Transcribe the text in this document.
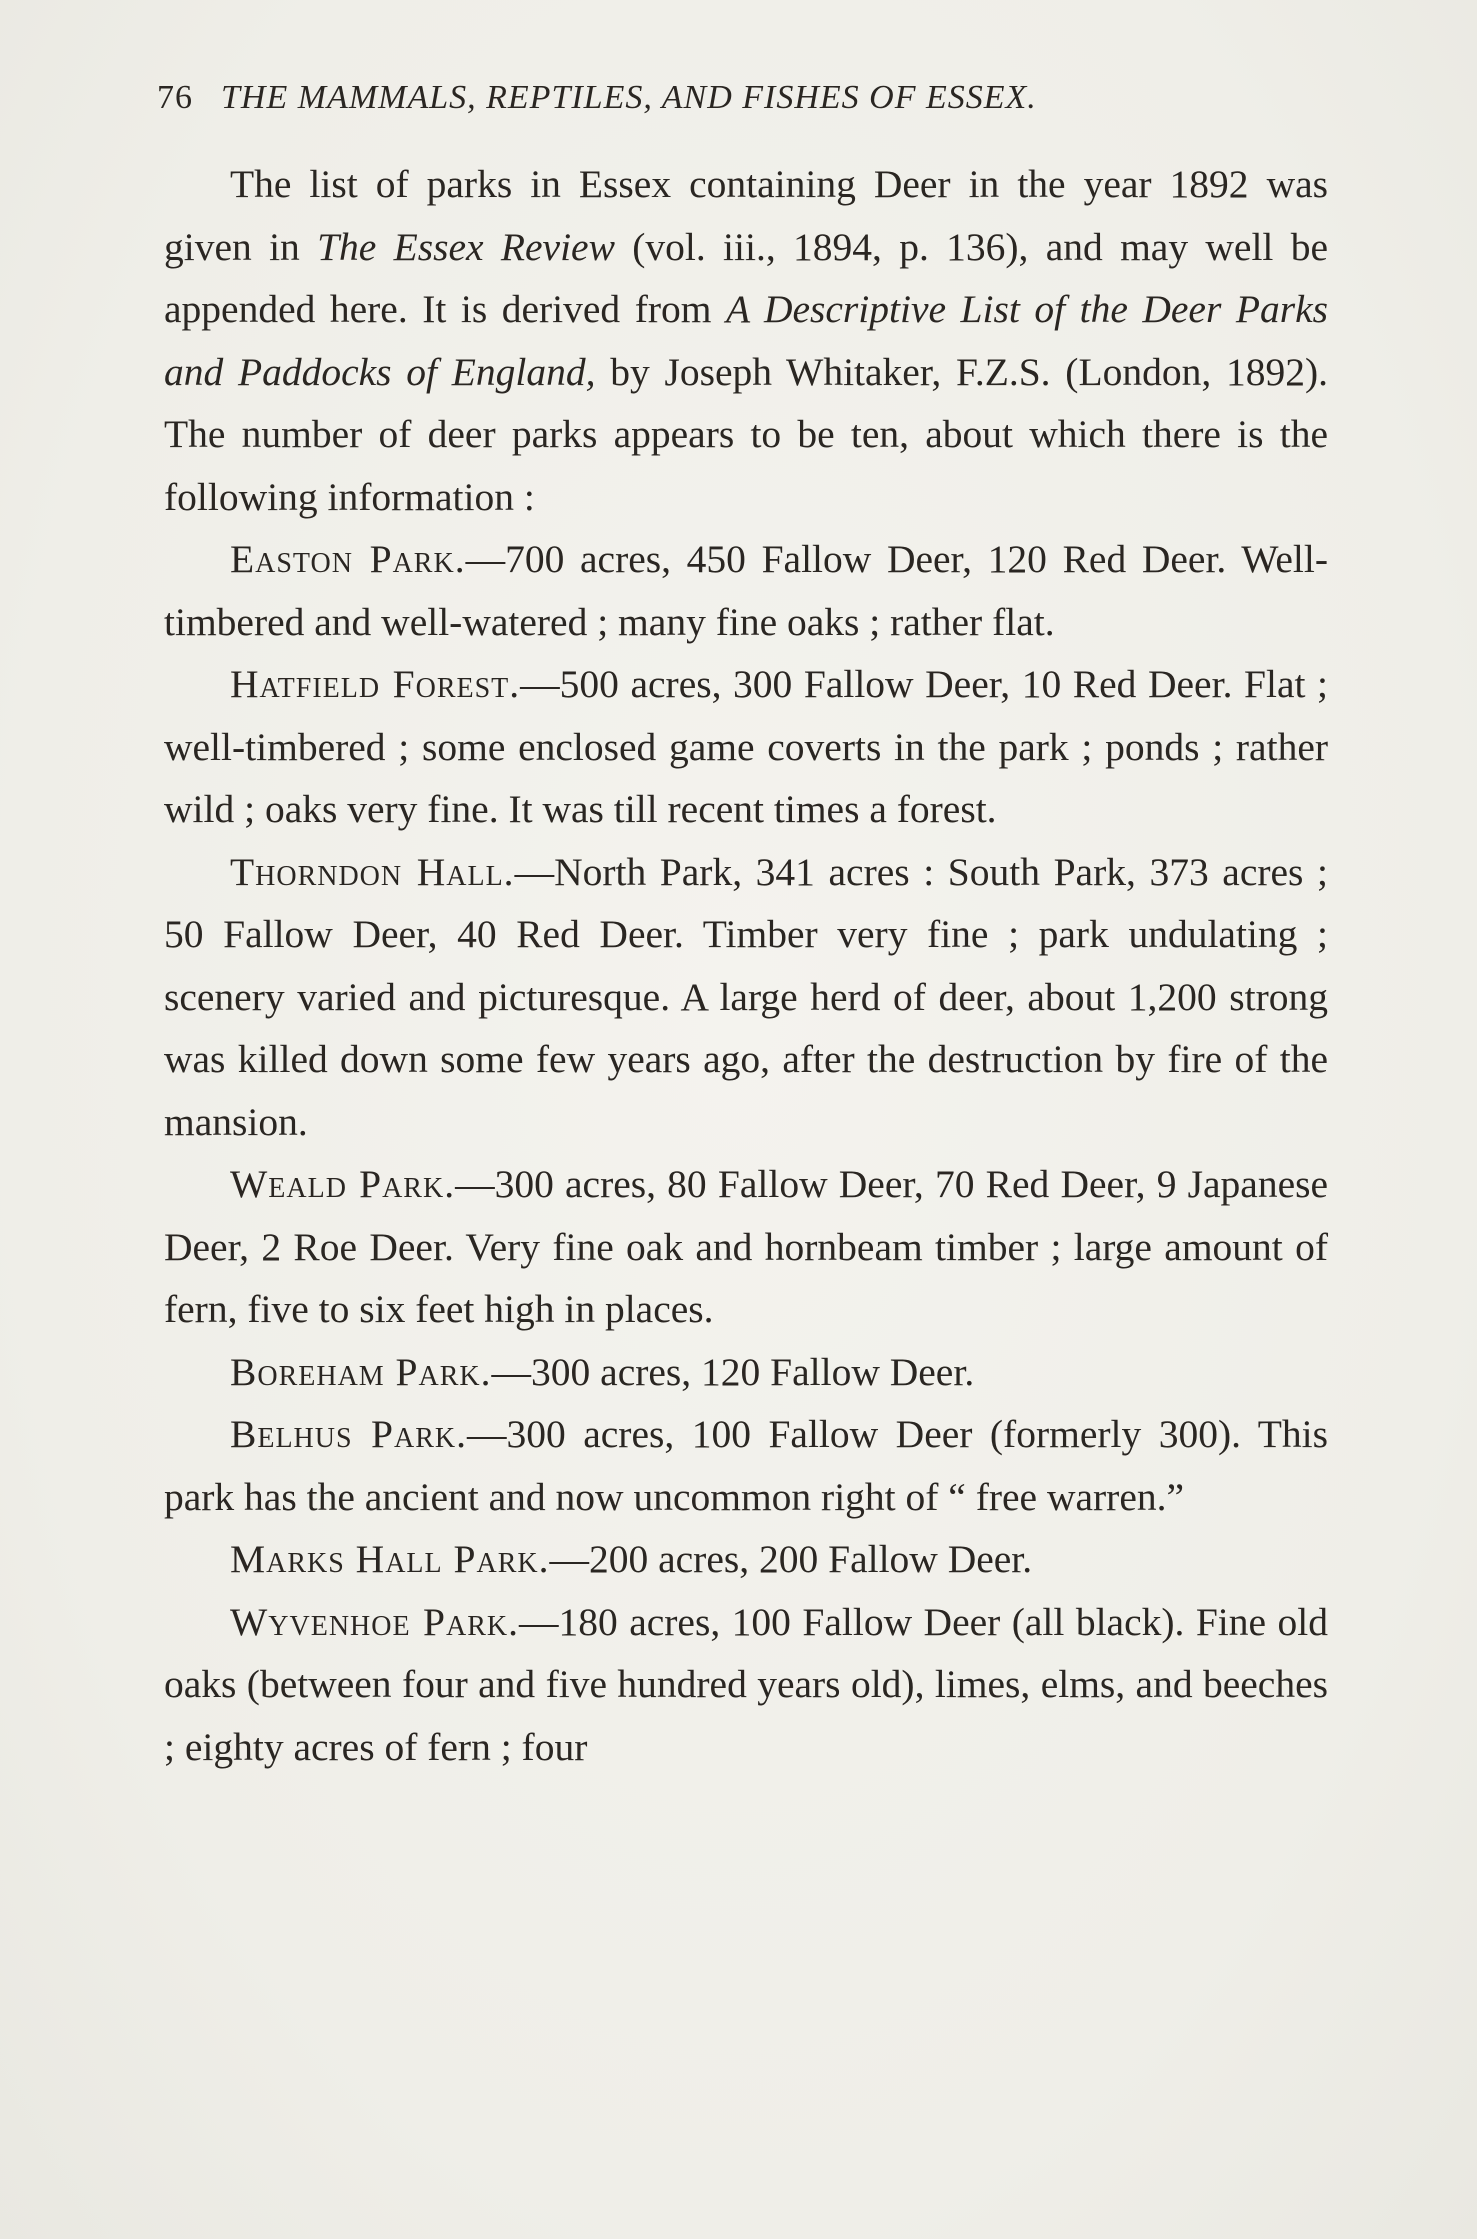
76 THE MAMMALS, REPTILES, AND FISHES OF ESSEX.

The list of parks in Essex containing Deer in the year 1892 was given in The Essex Review (vol. iii., 1894, p. 136), and may well be appended here. It is derived from A Descriptive List of the Deer Parks and Paddocks of England, by Joseph Whitaker, F.Z.S. (London, 1892). The number of deer parks appears to be ten, about which there is the following information :

Easton Park.—700 acres, 450 Fallow Deer, 120 Red Deer. Well-timbered and well-watered ; many fine oaks ; rather flat.

Hatfield Forest.—500 acres, 300 Fallow Deer, 10 Red Deer. Flat ; well-timbered ; some enclosed game coverts in the park ; ponds ; rather wild ; oaks very fine. It was till recent times a forest.

Thorndon Hall.—North Park, 341 acres : South Park, 373 acres ; 50 Fallow Deer, 40 Red Deer. Timber very fine ; park undulating ; scenery varied and picturesque. A large herd of deer, about 1,200 strong was killed down some few years ago, after the destruction by fire of the mansion.

Weald Park.—300 acres, 80 Fallow Deer, 70 Red Deer, 9 Japanese Deer, 2 Roe Deer. Very fine oak and hornbeam timber ; large amount of fern, five to six feet high in places.

Boreham Park.—300 acres, 120 Fallow Deer.

Belhus Park.—300 acres, 100 Fallow Deer (formerly 300). This park has the ancient and now uncommon right of “ free warren.”

Marks Hall Park.—200 acres, 200 Fallow Deer.

Wyvenhoe Park.—180 acres, 100 Fallow Deer (all black). Fine old oaks (between four and five hundred years old), limes, elms, and beeches ; eighty acres of fern ; four
